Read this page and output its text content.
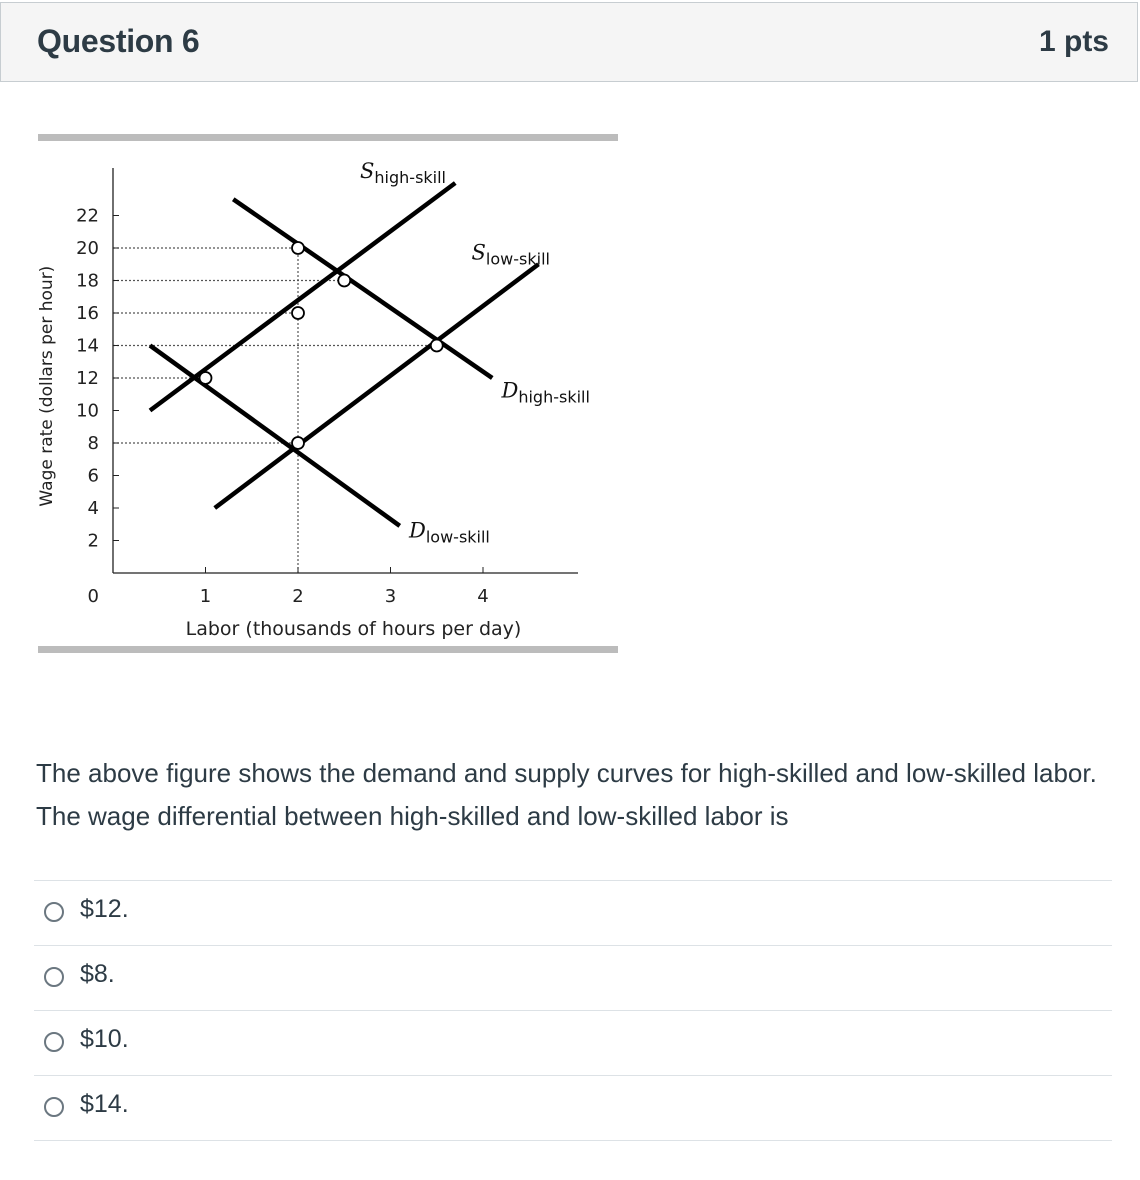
Question 6	1 pts
2
4
6
8
10
12
14
16
18
20
22
1	2	3	4
0
Labor (thousands of hours per day)
Wage rate (dollars per hour)
$S_{high-skill}$
$S_{low-skill}$
$D_{high-skill}$
$D_{low-skill}$
The above figure shows the demand and supply curves for high-skilled and low-skilled labor. The wage differential between high-skilled and low-skilled labor is
$12.
$8.
$10.
$14.
